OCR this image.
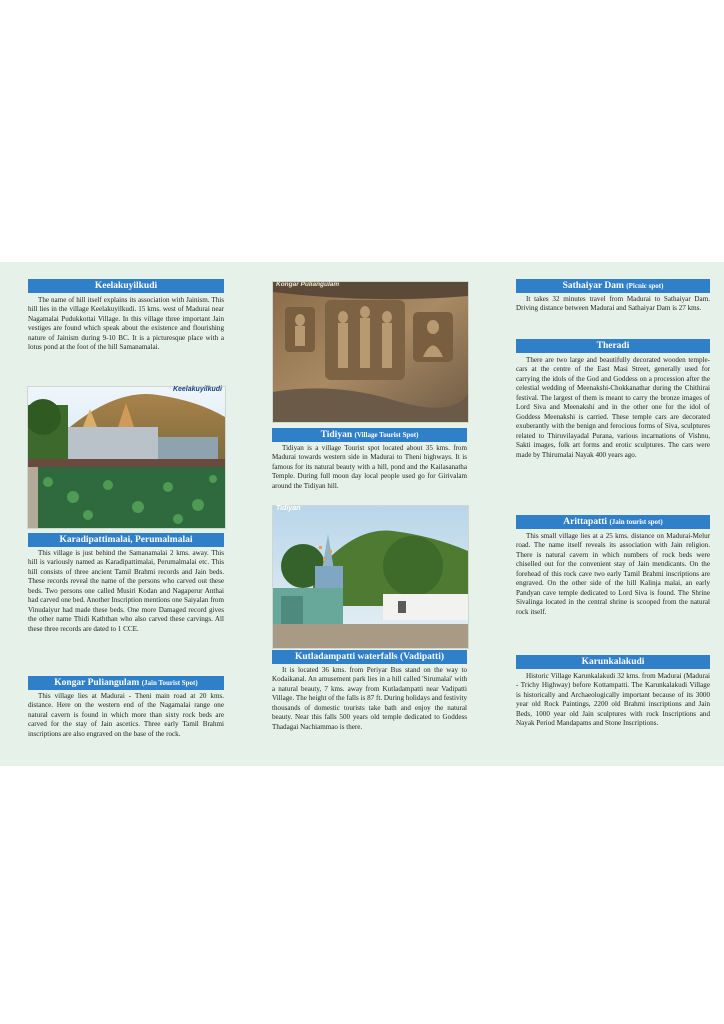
Keelakuyilkudi

The name of hill itself explains its association with Jainism. This hill lies in the village Keelakuyilkudi. 15 kms. west of Madurai near Nagamalai Pudukkottai Village. In this village three important Jain vestiges are found which speak about the existence and flourishing nature of Jainism during 9-10 BC. It is a picturesque place with a lotus pond at the foot of the hill Samanamalai.

Keelakuyilkudi
Karadipattimalai, Perumalmalai

This village is just behind the Samanamalai 2 kms. away. This hill is variously named as Karadipattimalai, Perumalmalai etc. This hill consists of three ancient Tamil Brahmi records and Jain beds. These records reveal the name of the persons who carved out these beds. Two persons one called Musiri Kodan and Nagaperur Anthai had carved one bed. Another Inscription mentions one Saiyalan from Vinudaiyur had made these beds. One more Damaged record gives the other name Thidi Kaththan who also carved these carvings. All these three records are dated to 1 CCE.

Kongar Puliangulam (Jain Tourist Spot)

This village lies at Madurai - Theni main road at 20 kms. distance. Here on the western end of the Nagamalai range one natural cavern is found in which more than sixty rock beds are carved for the stay of Jain ascetics. Three early Tamil Brahmi inscriptions are also engraved on the base of the rock.

Kongar Puliangulam
Tidiyan (Village Tourist Spot)

Tidiyan is a village Tourist spot located about 35 kms. from Madurai towards western side in Madurai to Theni highways. It is famous for its natural beauty with a hill, pond and the Kailasanatha Temple. During full moon day local people used go for Girivalam around the Tidiyan hill.

Tidiyan
Kutladampatti waterfalls (Vadipatti)

It is located 36 kms. from Periyar Bus stand on the way to Kodaikanal. An amusement park lies in a hill called 'Sirumalai' with a natural beauty, 7 kms. away from Kutladampatti near Vadipatti Village. The height of the falls is 87 ft. During holidays and festivity thousands of domestic tourists take bath and enjoy the natural beauty. Near this falls 500 years old temple dedicated to Goddess Thadagai Nachiammao is there.

Sathaiyar Dam (Picnic spot)

It takes 32 minutes travel from Madurai to Sathaiyar Dam. Driving distance between Madurai and Sathaiyar Dam is 27 kms.

Theradi

There are two large and beautifully decorated wooden temple-cars at the centre of the East Masi Street, generally used for carrying the idols of the God and Goddess on a procession after the celestial wedding of Meenakshi-Chokkanathar during the Chithirai festival. The largest of them is meant to carry the bronze images of Lord Siva and Meenakshi and in the other one for the idol of Goddess Meenakshi is carried. These temple cars are decorated exuberantly with the benign and ferocious forms of Siva, sculptures related to Thiruvilayadal Purana, various incarnations of Vishnu, Sakti images, folk art forms and erotic sculptures. The cars were made by Thirumalai Nayak 400 years ago.

Arittapatti (Jain tourist spot)

This small village lies at a 25 kms. distance on Madurai-Melur road. The name itself reveals its association with Jain religion. There is natural cavern in which numbers of rock beds were chiselled out for the convenient stay of Jain mendicants. On the forehead of this rock cave two early Tamil Brahmi inscriptions are engraved. On the other side of the hill Kalinja malai, an early Pandyan cave temple dedicated to Lord Siva is found. The Shrine Sivalinga located in the central shrine is scooped from the natural rock itself.

Karunkalakudi

Historic Village Karunkalakudi 32 kms. from Madurai (Madurai - Trichy Highway) before Kottampatti. The Karunkalakudi Village is historically and Archaeologically important because of its 3000 year old Rock Paintings, 2200 old Brahmi inscriptions and Jain Beds, 1000 year old Jain sculptures with rock Inscriptions and Nayak Period Mandapams and Stone Inscriptions.
